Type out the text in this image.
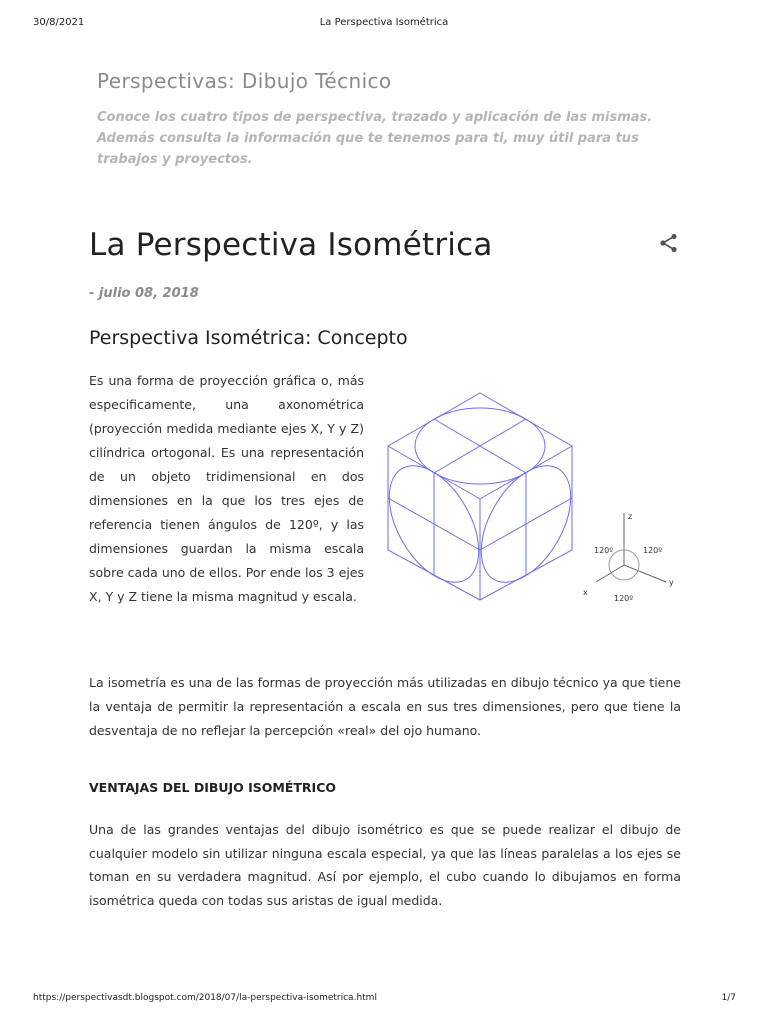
30/8/2021	La Perspectiva Isométrica
Perspectivas: Dibujo Técnico
Conoce los cuatro tipos de perspectiva, trazado y aplicación de las mismas. Además consulta la información que te tenemos para ti, muy útil para tus trabajos y proyectos.
La Perspectiva Isométrica
- julio 08, 2018
Perspectiva Isométrica: Concepto
Es una forma de proyección gráfica o, más especificamente, una axonométrica (proyección medida mediante ejes X, Y y Z) cilíndrica ortogonal. Es una representación de un objeto tridimensional en dos dimensiones en la que los tres ejes de referencia tienen ángulos de 120º, y las dimensiones guardan la misma escala sobre cada uno de ellos. Por ende los 3 ejes X, Y y Z tiene la misma magnitud y escala.
z
x
y
120º	120º
120º
La isometría es una de las formas de proyección más utilizadas en dibujo técnico ya que tiene la ventaja de permitir la representación a escala en sus tres dimensiones, pero que tiene la desventaja de no reflejar la percepción «real» del ojo humano.
VENTAJAS DEL DIBUJO ISOMÉTRICO
Una de las grandes ventajas del dibujo isométrico es que se puede realizar el dibujo de cualquier modelo sin utilizar ninguna escala especial, ya que las líneas paralelas a los ejes se toman en su verdadera magnitud. Así por ejemplo, el cubo cuando lo dibujamos en forma isométrica queda con todas sus aristas de igual medida.
https://perspectivasdt.blogspot.com/2018/07/la-perspectiva-isometrica.html	1/7
